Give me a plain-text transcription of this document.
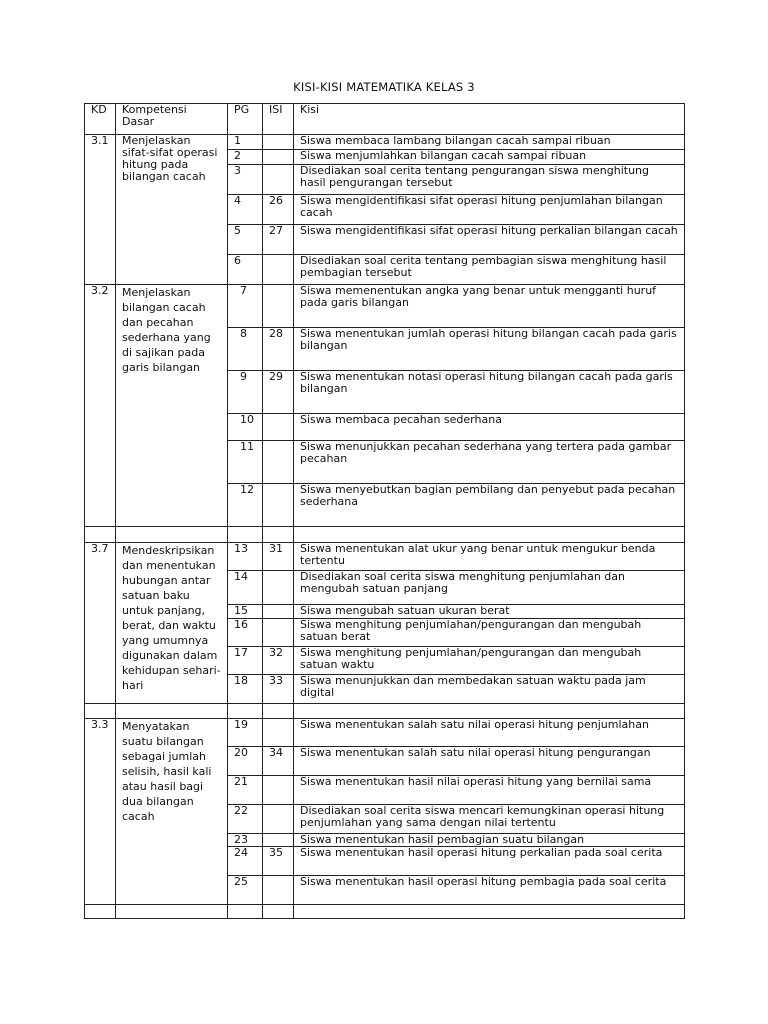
KISI-KISI MATEMATIKA KELAS 3
KD	Kompetensi Dasar	PG	ISI	Kisi
3.1	Menjelaskan sifat-sifat operasi hitung pada bilangan cacah	1		Siswa membaca lambang bilangan cacah sampai ribuan
		2		Siswa menjumlahkan bilangan cacah sampai ribuan
		3		Disediakan soal cerita tentang pengurangan siswa menghitung hasil pengurangan tersebut
		4	26	Siswa mengidentifikasi sifat operasi hitung penjumlahan bilangan cacah
		5	27	Siswa mengidentifikasi sifat operasi hitung perkalian bilangan cacah
		6		Disediakan soal cerita tentang pembagian siswa menghitung hasil pembagian tersebut
3.2	Menjelaskan bilangan cacah dan pecahan sederhana yang di sajikan pada garis bilangan	7		Siswa memenentukan angka yang benar untuk mengganti huruf pada garis bilangan
		8	28	Siswa menentukan jumlah operasi hitung bilangan cacah pada garis bilangan
		9	29	Siswa menentukan notasi operasi hitung bilangan cacah pada garis bilangan
		10		Siswa membaca pecahan sederhana
		11		Siswa menunjukkan pecahan sederhana yang tertera pada gambar pecahan
		12		Siswa menyebutkan bagian pembilang dan penyebut pada pecahan sederhana

3.7	Mendeskripsikan dan menentukan hubungan antar satuan baku untuk panjang, berat, dan waktu yang umumnya digunakan dalam kehidupan sehari-hari	13	31	Siswa menentukan alat ukur yang benar untuk mengukur benda tertentu
		14		Disediakan soal cerita siswa menghitung penjumlahan dan mengubah satuan panjang
		15		Siswa mengubah satuan ukuran berat
		16		Siswa menghitung penjumlahan/pengurangan dan mengubah satuan berat
		17	32	Siswa menghitung penjumlahan/pengurangan dan mengubah satuan waktu
		18	33	Siswa menunjukkan dan membedakan satuan waktu pada jam digital

3.3	Menyatakan suatu bilangan sebagai jumlah selisih, hasil kali atau hasil bagi dua bilangan cacah	19		Siswa menentukan salah satu nilai operasi hitung penjumlahan
		20	34	Siswa menentukan salah satu nilai operasi hitung pengurangan
		21		Siswa menentukan hasil nilai operasi hitung yang bernilai sama
		22		Disediakan soal cerita siswa mencari kemungkinan operasi hitung penjumlahan yang sama dengan nilai tertentu
		23		Siswa menentukan hasil pembagian suatu bilangan
		24	35	Siswa menentukan hasil operasi hitung perkalian pada soal cerita
		25		Siswa menentukan hasil operasi hitung pembagia pada soal cerita
